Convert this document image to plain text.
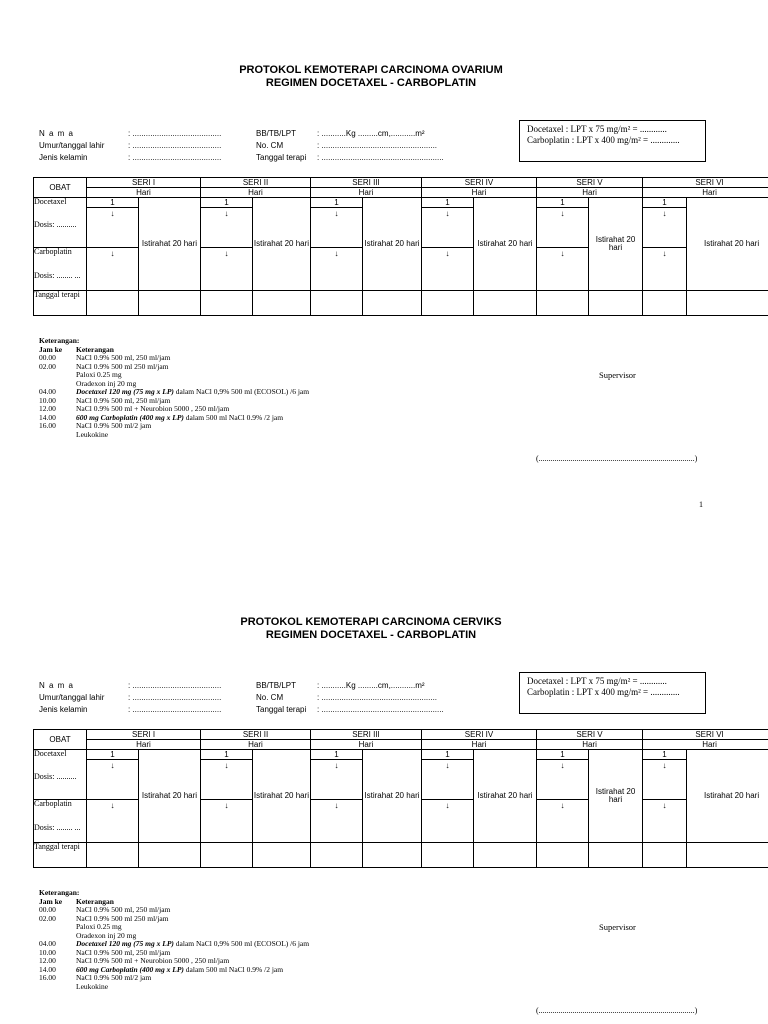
PROTOKOL KEMOTERAPI CARCINOMA OVARIUM
REGIMEN DOCETAXEL - CARBOPLATIN
N a m a	: ........................................	BB/TB/LPT	: ...........Kg .........cm,...........m²
Umur/tanggal lahir	: ........................................	No. CM	: ....................................................
Jenis kelamin	: ........................................	Tanggal terapi : .......................................................
Docetaxel : LPT x 75 mg/m² = ............
Carboplatin : LPT x 400 mg/m² = .............
OBAT	SERI I		SERI II		SERI III		SERI IV		SERI V		SERI VI	
	Hari		Hari		Hari		Hari		Hari		Hari	

Docetaxel
Dosis: ..........	1	Istirahat 20 hari	1	Istirahat 20 hari	1	Istirahat 20 hari	1	Istirahat 20 hari	1	Istirahat 20 hari	1	Istirahat 20 hari
	↓		↓		↓		↓		↓		↓	

Carboplatin
Dosis: ........ ...	↓		↓		↓		↓		↓		↓	
Tanggal terapi												
Keterangan:
Jam ke	Keterangan
00.00	NaCl 0.9% 500 ml, 250 ml/jam
02.00	NaCl 0.9% 500 ml 250 ml/jam
Paloxi 0.25 mg
Oradexon inj 20 mg
04.00	Docetaxel 120 mg (75 mg x LP) dalam NaCl 0,9% 500 ml (ECOSOL) /6 jam
10.00	NaCl 0.9% 500 ml, 250 ml/jam
12.00	NaCl 0.9% 500 ml + Neurobion 5000 , 250 ml/jam
14.00	600 mg Carboplatin (400 mg x LP) dalam 500 ml NaCl 0.9% /2 jam
16.00	NaCl 0.9% 500 ml/2 jam
Leukokine
Supervisor
(..............................................................................)
PROTOKOL KEMOTERAPI CARCINOMA CERVIKS
REGIMEN DOCETAXEL - CARBOPLATIN
N a m a	: ........................................	BB/TB/LPT	: ...........Kg .........cm,...........m²
Umur/tanggal lahir	: ........................................	No. CM	: ....................................................
Jenis kelamin	: ........................................	Tanggal terapi : .......................................................
Docetaxel : LPT x 75 mg/m² = ............
Carboplatin : LPT x 400 mg/m² = .............
OBAT	SERI I		SERI II		SERI III		SERI IV		SERI V		SERI VI	
	Hari		Hari		Hari		Hari		Hari		Hari	

Docetaxel
Dosis: ..........	1	Istirahat 20 hari	1	Istirahat 20 hari	1	Istirahat 20 hari	1	Istirahat 20 hari	1	Istirahat 20 hari	1	Istirahat 20 hari
	↓		↓		↓		↓		↓		↓	

Carboplatin
Dosis: ........ ...	↓		↓		↓		↓		↓		↓	
Tanggal terapi												
Keterangan:
Jam ke	Keterangan
00.00	NaCl 0.9% 500 ml, 250 ml/jam
02.00	NaCl 0.9% 500 ml 250 ml/jam
Paloxi 0.25 mg
Oradexon inj 20 mg
04.00	Docetaxel 120 mg (75 mg x LP) dalam NaCl 0,9% 500 ml (ECOSOL) /6 jam
10.00	NaCl 0.9% 500 ml, 250 ml/jam
12.00	NaCl 0.9% 500 ml + Neurobion 5000 , 250 ml/jam
14.00	600 mg Carboplatin (400 mg x LP) dalam 500 ml NaCl 0.9% /2 jam
16.00	NaCl 0.9% 500 ml/2 jam
Leukokine
Supervisor
(..............................................................................)
1
